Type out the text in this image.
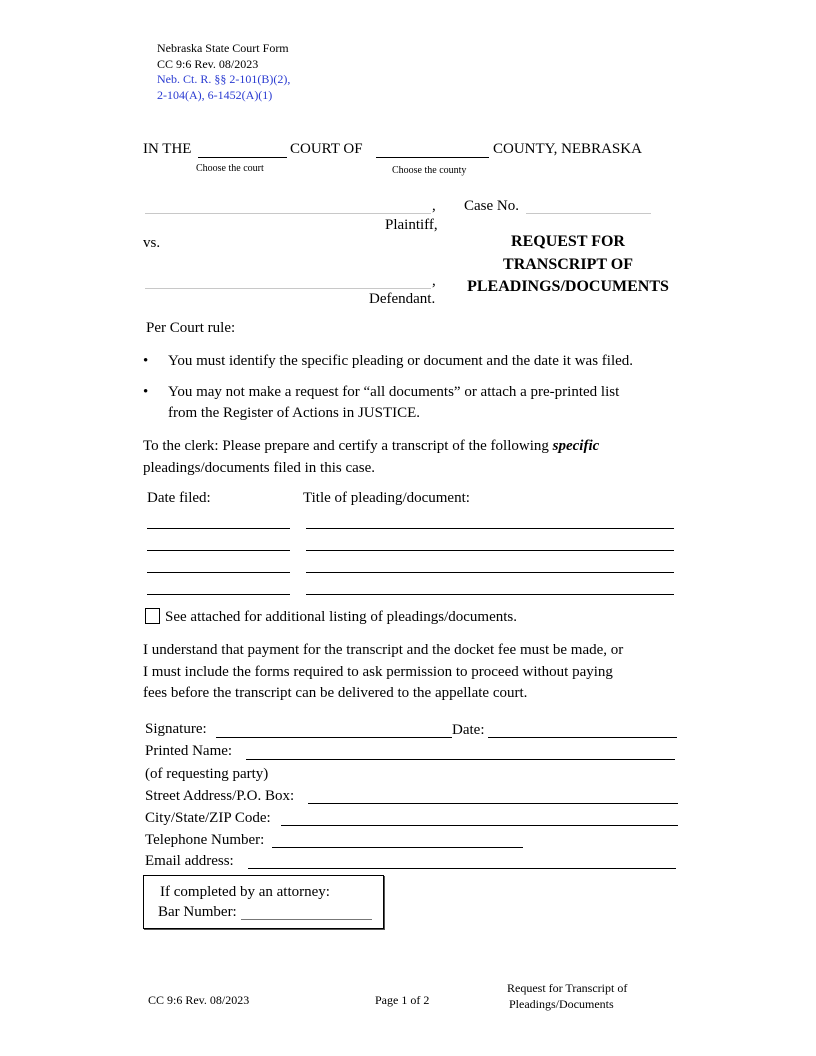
Nebraska State Court Form
CC 9:6 Rev. 08/2023
Neb. Ct. R. §§ 2-101(B)(2),
2-104(A), 6-1452(A)(1)
IN THE	COURT OF	COUNTY, NEBRASKA
Choose the court	Choose the county
,
Plaintiff,
Case No.
vs.
,
Defendant.
REQUEST FOR
TRANSCRIPT OF
PLEADINGS/DOCUMENTS
Per Court rule:
• You must identify the specific pleading or document and the date it was filed.
• You may not make a request for “all documents” or attach a pre-printed list
from the Register of Actions in JUSTICE.
To the clerk: Please prepare and certify a transcript of the following specific
pleadings/documents filed in this case.
Date filed:	Title of pleading/document:
See attached for additional listing of pleadings/documents.
I understand that payment for the transcript and the docket fee must be made, or
I must include the forms required to ask permission to proceed without paying
fees before the transcript can be delivered to the appellate court.
Signature:	Date:
Printed Name:
(of requesting party)
Street Address/P.O. Box:
City/State/ZIP Code:
Telephone Number:
Email address:
If completed by an attorney:
Bar Number:
CC 9:6 Rev. 08/2023	Page 1 of 2
Request for Transcript of
Pleadings/Documents
